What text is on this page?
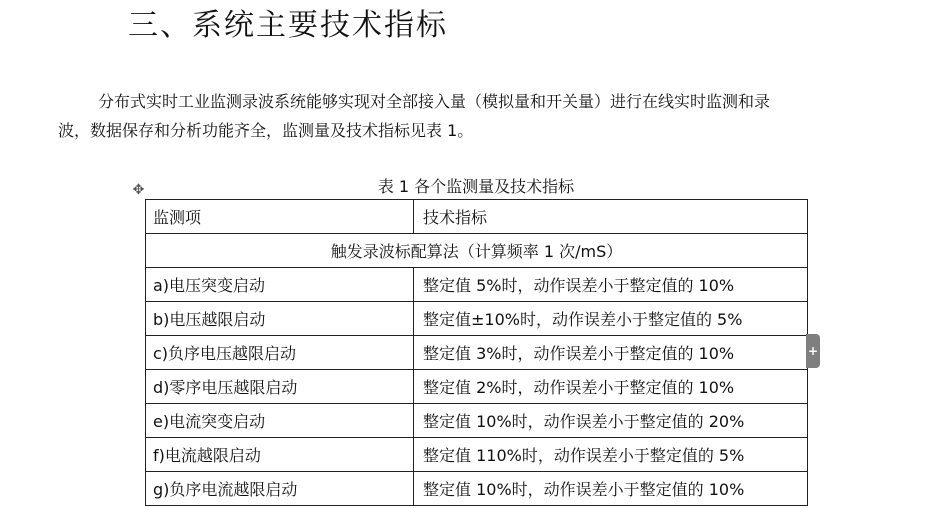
三、系统主要技术指标

分布式实时工业监测录波系统能够实现对全部接入量（模拟量和开关量）进行在线实时监测和录
波，数据保存和分析功能齐全，监测量及技术指标见表 1。

✥	表 1 各个监测量及技术指标
监测项	技术指标
触发录波标配算法（计算频率 1 次/mS）	
a)电压突变启动	整定值 5%时，动作误差小于整定值的 10%
b)电压越限启动	整定值±10%时，动作误差小于整定值的 5%
c)负序电压越限启动	整定值 3%时，动作误差小于整定值的 10%
d)零序电压越限启动	整定值 2%时，动作误差小于整定值的 10%
e)电流突变启动	整定值 10%时，动作误差小于整定值的 20%
f)电流越限启动	整定值 110%时，动作误差小于整定值的 5%
g)负序电流越限启动	整定值 10%时，动作误差小于整定值的 10%
+
